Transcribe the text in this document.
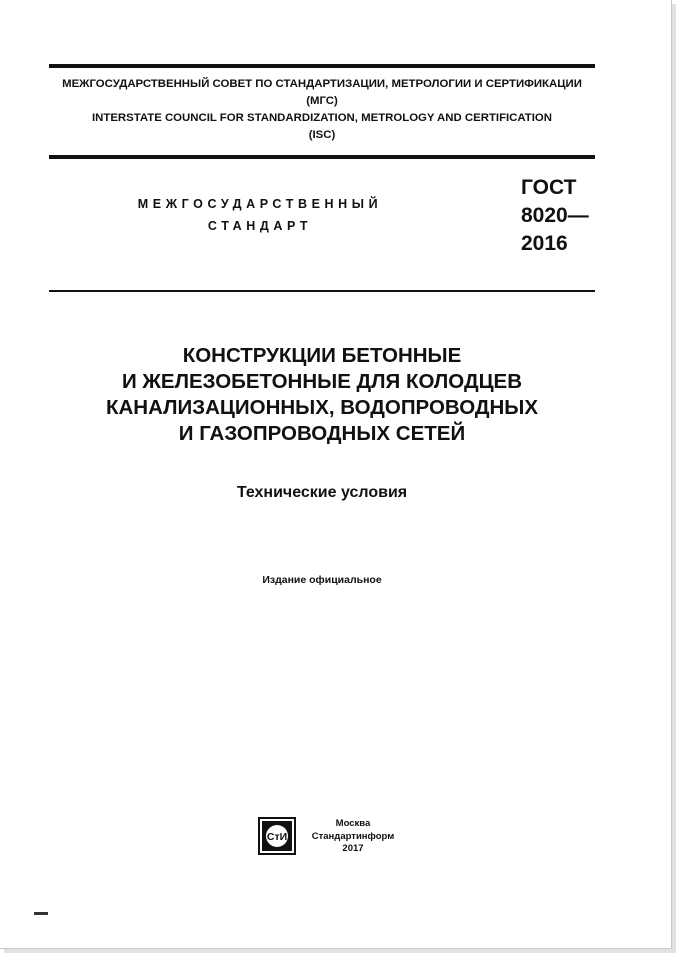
МЕЖГОСУДАРСТВЕННЫЙ СОВЕТ ПО СТАНДАРТИЗАЦИИ, МЕТРОЛОГИИ И СЕРТИФИКАЦИИ
(МГС)
INTERSTATE COUNCIL FOR STANDARDIZATION, METROLOGY AND CERTIFICATION
(ISC)
МЕЖГОСУДАРСТВЕННЫЙ
СТАНДАРТ
ГОСТ
8020—
2016
КОНСТРУКЦИИ БЕТОННЫЕ
И ЖЕЛЕЗОБЕТОННЫЕ ДЛЯ КОЛОДЦЕВ
КАНАЛИЗАЦИОННЫХ, ВОДОПРОВОДНЫХ
И ГАЗОПРОВОДНЫХ СЕТЕЙ
Технические условия
Издание официальное
СтИ
Москва
Стандартинформ
2017
